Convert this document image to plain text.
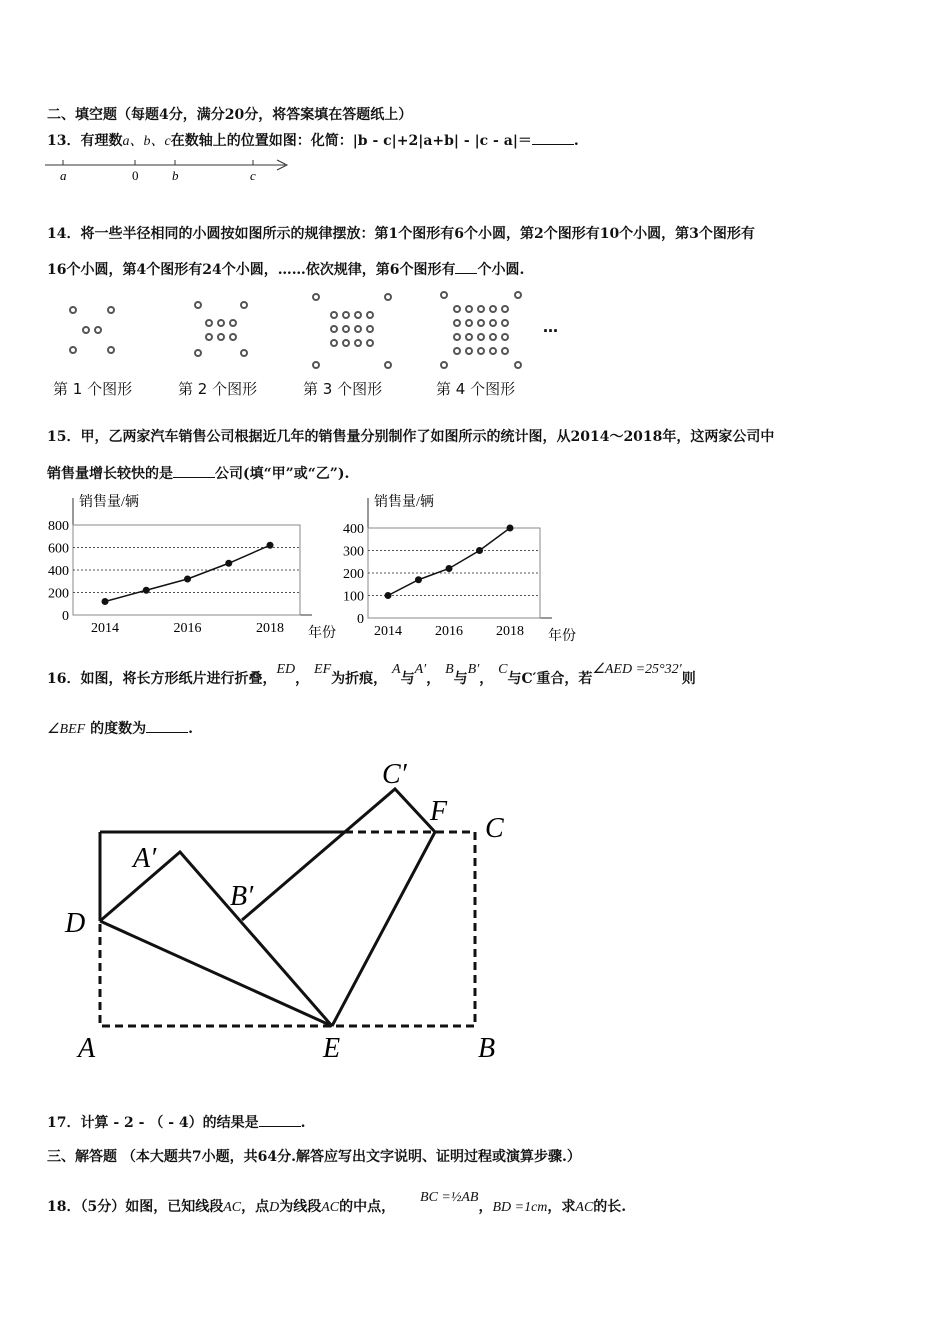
二、填空题（每题4分，满分20分，将答案填在答题纸上）
13．有理数a、b、c在数轴上的位置如图：化简：|b - c|+2|a+b| - |c - a|＝	.
a	0	b	c
14．将一些半径相同的小圆按如图所示的规律摆放：第1个图形有6个小圆，第2个图形有10个小圆，第3个图形有
16个小圆，第4个图形有24个小圆，……依次规律，第6个图形有 个小圆.
第 1 个图形	第 2 个图形	第 3 个图形	第 4 个图形
…
15．甲，乙两家汽车销售公司根据近几年的销售量分别制作了如图所示的统计图，从2014～2018年，这两家公司中
销售量增长较快的是	公司(填“甲”或“乙”).
0
200
400
600
800
2014	2016	2018
销售量/辆
年份
0
100
200
300
400
2014 2016 2018
销售量/辆
年份
16．如图，将长方形纸片进行折叠，ED， EF为折痕， A与A′， B与B′， C与C′重合，若∠AED =25°32′则
∠BEF 的度数为	.
A	B
C
D
E
F
A′
B′
C′
17．计算 - 2 - （ - 4）的结果是	.
三、解答题 （本大题共7小题，共64分.解答应写出文字说明、证明过程或演算步骤.）
18．（5分）如图，已知线段AC，点D为线段AC的中点， BC =½AB，BD =1cm，求AC的长.
